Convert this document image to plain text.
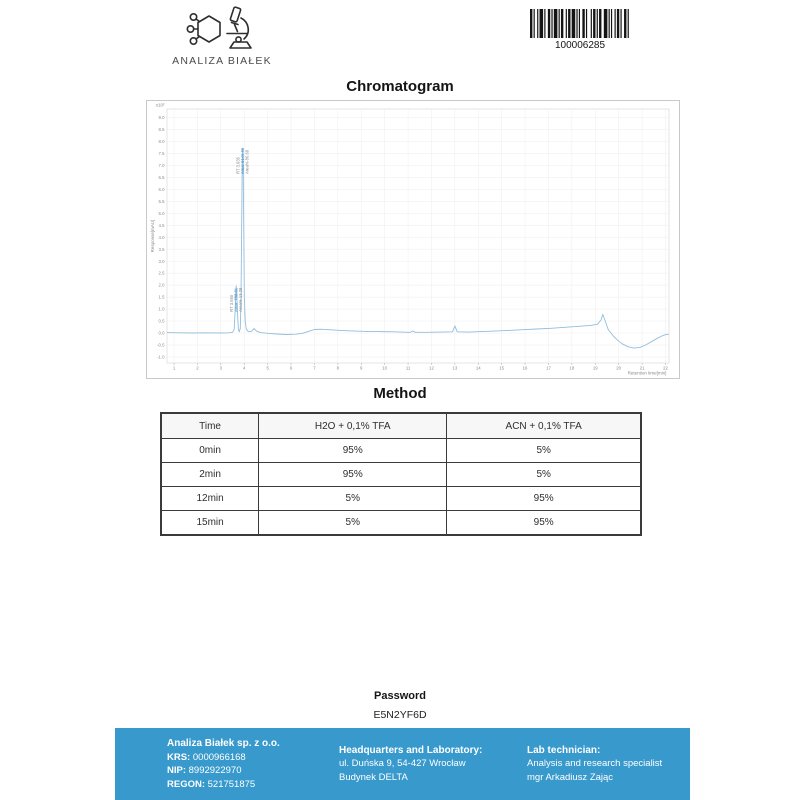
ANALIZA BIAŁEK
100006285
Chromatogram
9.0
8.5
8.0
7.5
7.0
6.5
6.0
5.5
5.0
4.5
4.0
3.5
3.0
2.5
2.0
1.5
1.0
0.5
0.0
-0.5
-1.0
1	2	3	4	5	6	7	8	9	10	11	12	13	14	15	16	17	18	19	20	21	22
Retention time[min]
Response[mAU]
x10²
RT 3.660 Area: 788.81 Area% 13.28
RT 3.935 Area: 5146.56 Area% 86.68
Method
Time	H2O + 0,1% TFA	ACN + 0,1% TFA
0min	95%	5%
2min	95%	5%
12min	5%	95%
15min	5%	95%
Password
E5N2YF6D
Analiza Białek sp. z o.o.
KRS: 0000966168
NIP: 8992922970
REGON: 521751875
Headquarters and Laboratory:
ul. Duńska 9, 54-427 Wrocław
Budynek DELTA
Lab technician:
Analysis and research specialist
mgr Arkadiusz Zając
